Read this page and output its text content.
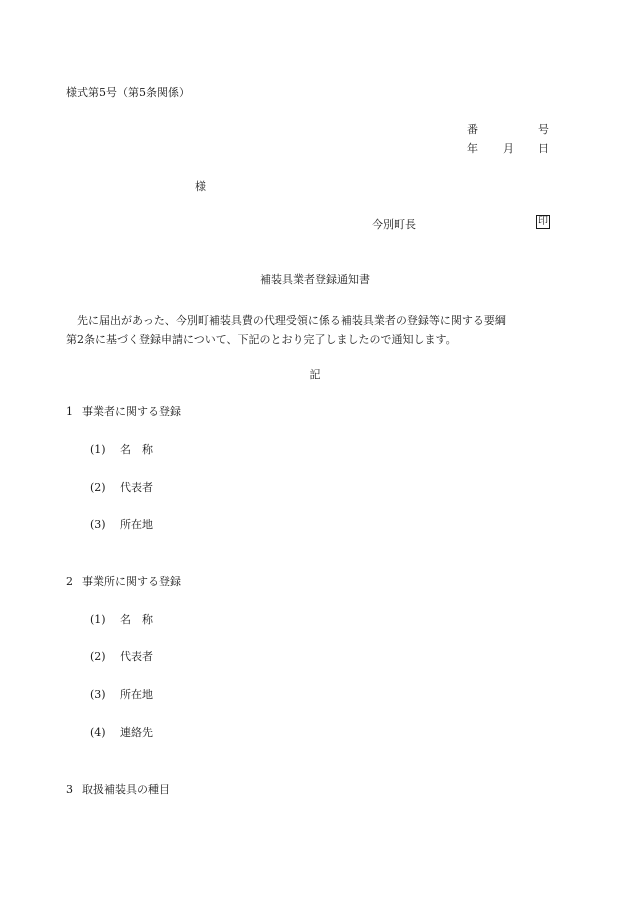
様式第5号（第5条関係）
番	号
年 月 日
様
今別町長	印
補装具業者登録通知書

先に届出があった、今別町補装具費の代理受領に係る補装具業者の登録等に関する要綱

第2条に基づく登録申請について、下記のとおり完了しましたので通知します。

記
1 事業者に関する登録
(1) 名　称
(2) 代表者
(3) 所在地
2 事業所に関する登録
(1) 名　称
(2) 代表者
(3) 所在地
(4) 連絡先
3 取扱補装具の種目
